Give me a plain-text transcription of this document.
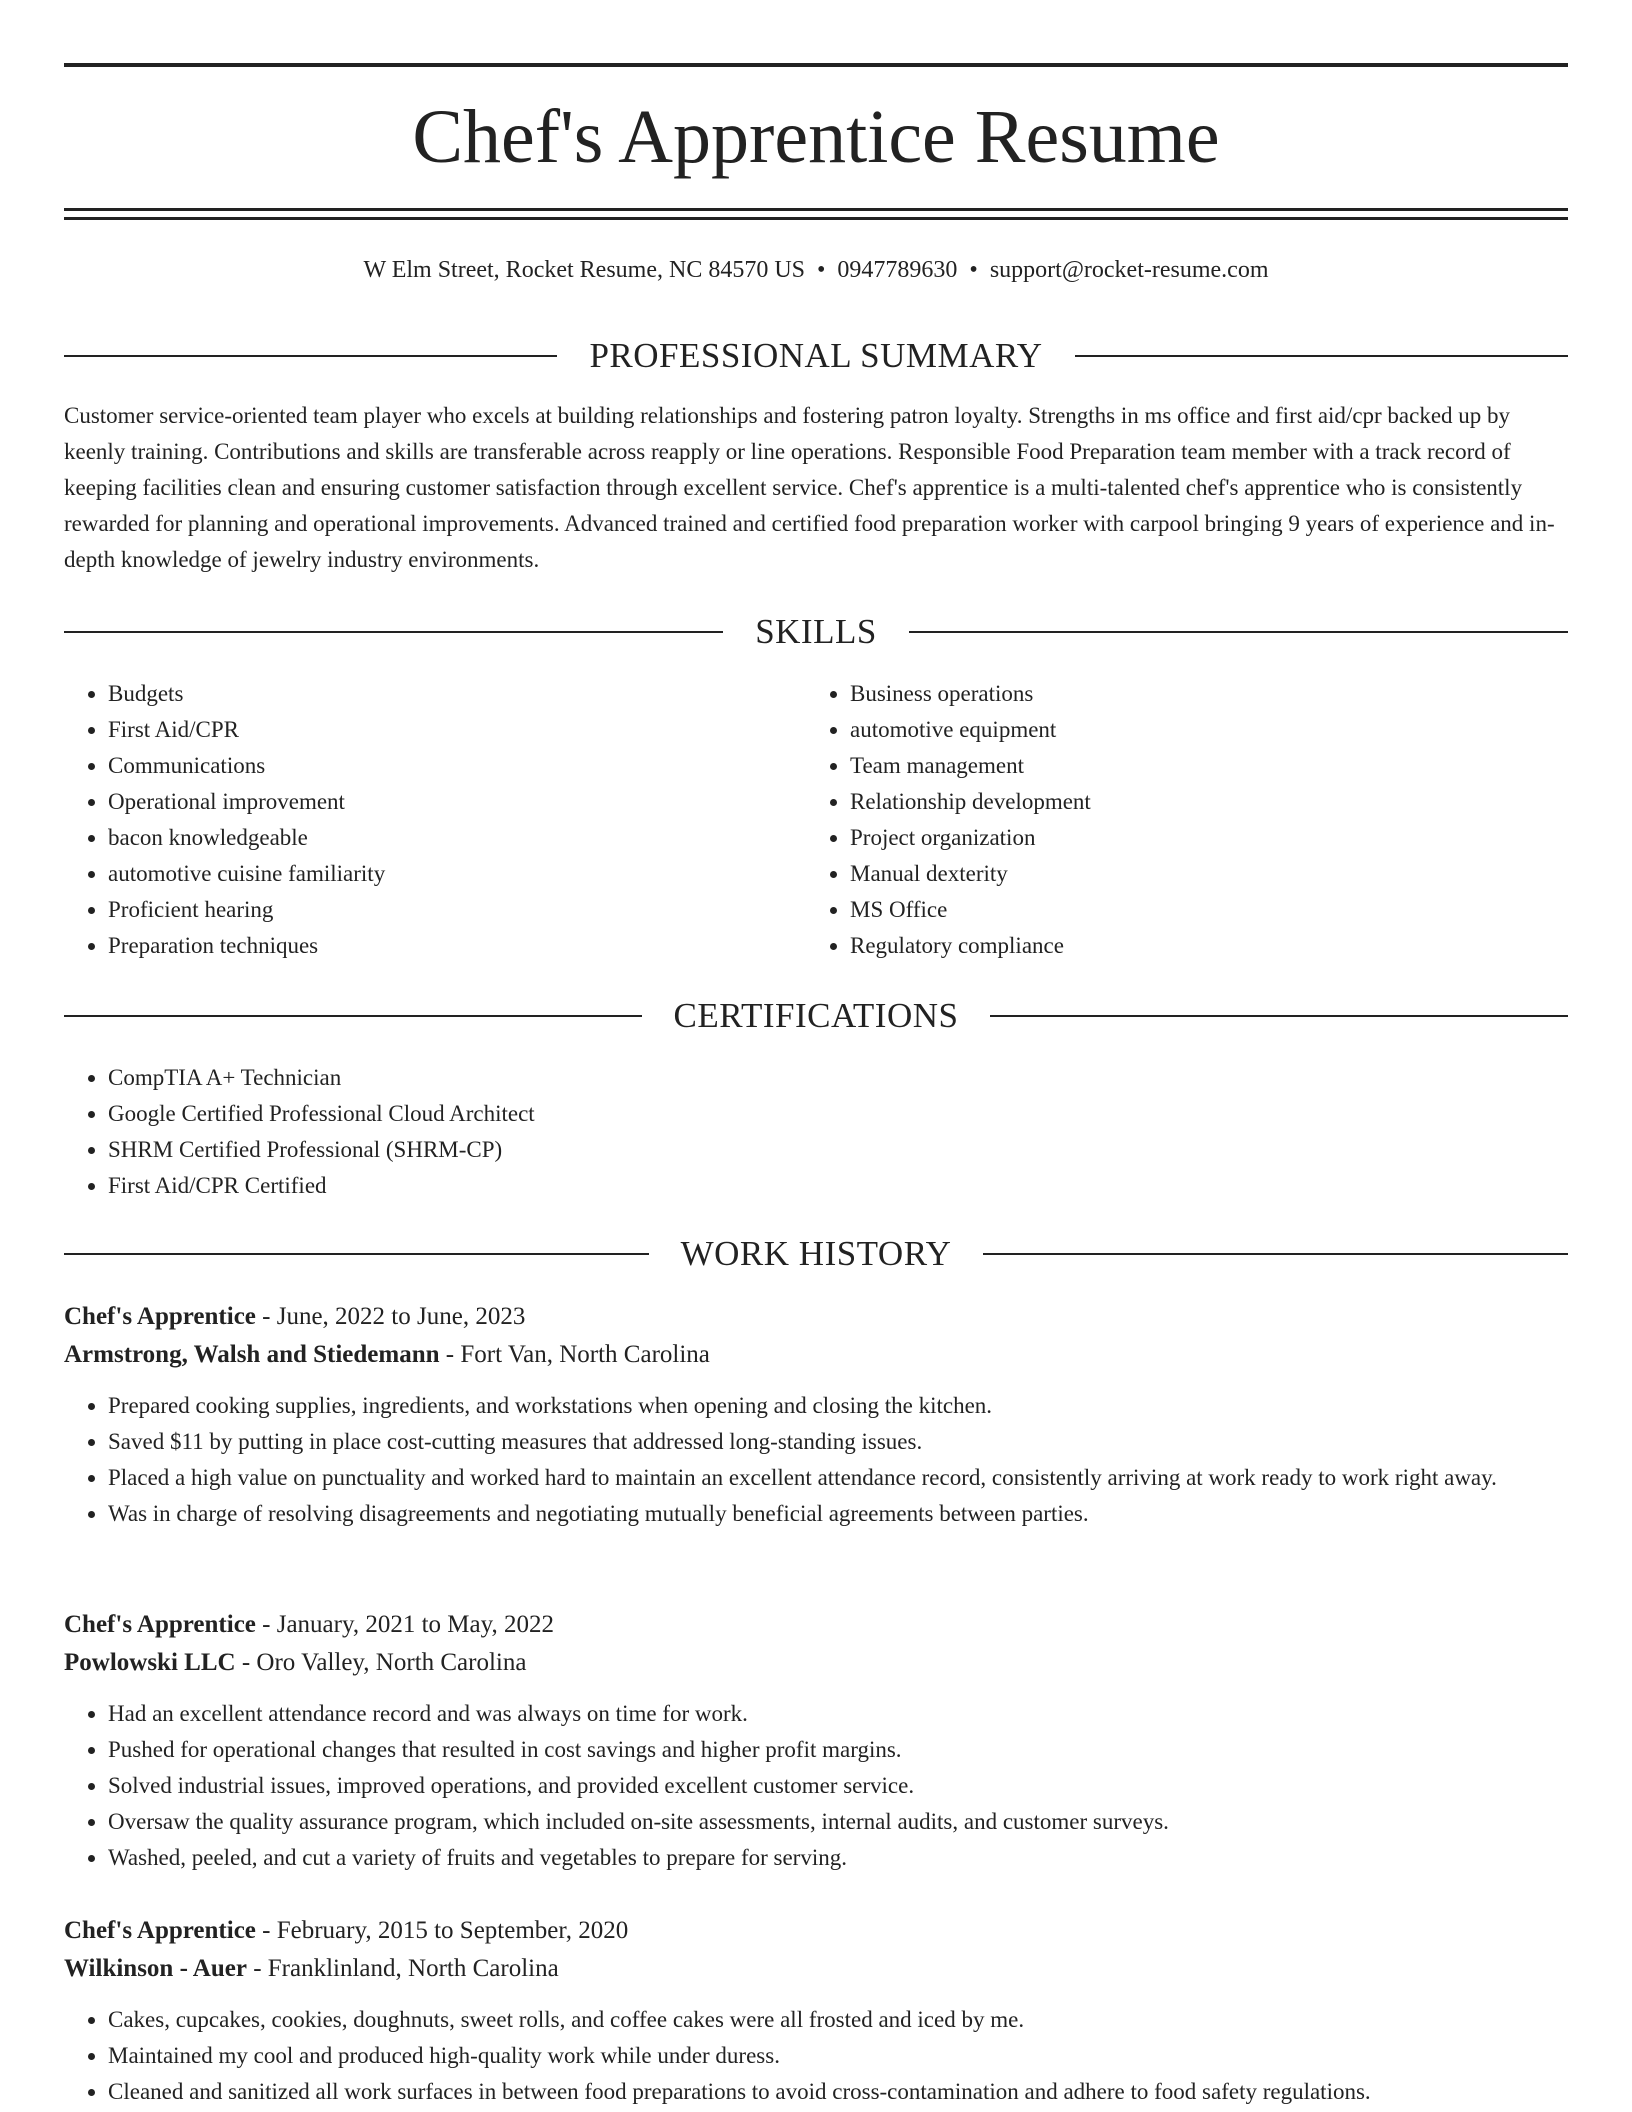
Chef's Apprentice Resume
W Elm Street, Rocket Resume, NC 84570 US • 0947789630 • support@rocket-resume.com
PROFESSIONAL SUMMARY

Customer service-oriented team player who excels at building relationships and fostering patron loyalty. Strengths in ms office and first aid/cpr backed up by keenly training. Contributions and skills are transferable across reapply or line operations. Responsible Food Preparation team member with a track record of keeping facilities clean and ensuring customer satisfaction through excellent service. Chef's apprentice is a multi-talented chef's apprentice who is consistently rewarded for planning and operational improvements. Advanced trained and certified food preparation worker with carpool bringing 9 years of experience and in-depth knowledge of jewelry industry environments.

SKILLS
• Budgets
• First Aid/CPR
• Communications
• Operational improvement
• bacon knowledgeable
• automotive cuisine familiarity
• Proficient hearing
• Preparation techniques
• Business operations
• automotive equipment
• Team management
• Relationship development
• Project organization
• Manual dexterity
• MS Office
• Regulatory compliance
CERTIFICATIONS
• CompTIA A+ Technician
• Google Certified Professional Cloud Architect
• SHRM Certified Professional (SHRM-CP)
• First Aid/CPR Certified
WORK HISTORY

Chef's Apprentice - June, 2022 to June, 2023

Armstrong, Walsh and Stiedemann - Fort Van, North Carolina

• Prepared cooking supplies, ingredients, and workstations when opening and closing the kitchen.
• Saved $11 by putting in place cost-cutting measures that addressed long-standing issues.
• Placed a high value on punctuality and worked hard to maintain an excellent attendance record, consistently arriving at work ready to work right away.
• Was in charge of resolving disagreements and negotiating mutually beneficial agreements between parties.

Chef's Apprentice - January, 2021 to May, 2022

Powlowski LLC - Oro Valley, North Carolina

• Had an excellent attendance record and was always on time for work.
• Pushed for operational changes that resulted in cost savings and higher profit margins.
• Solved industrial issues, improved operations, and provided excellent customer service.
• Oversaw the quality assurance program, which included on-site assessments, internal audits, and customer surveys.
• Washed, peeled, and cut a variety of fruits and vegetables to prepare for serving.

Chef's Apprentice - February, 2015 to September, 2020

Wilkinson - Auer - Franklinland, North Carolina

• Cakes, cupcakes, cookies, doughnuts, sweet rolls, and coffee cakes were all frosted and iced by me.
• Maintained my cool and produced high-quality work while under duress.
• Cleaned and sanitized all work surfaces in between food preparations to avoid cross-contamination and adhere to food safety regulations.
